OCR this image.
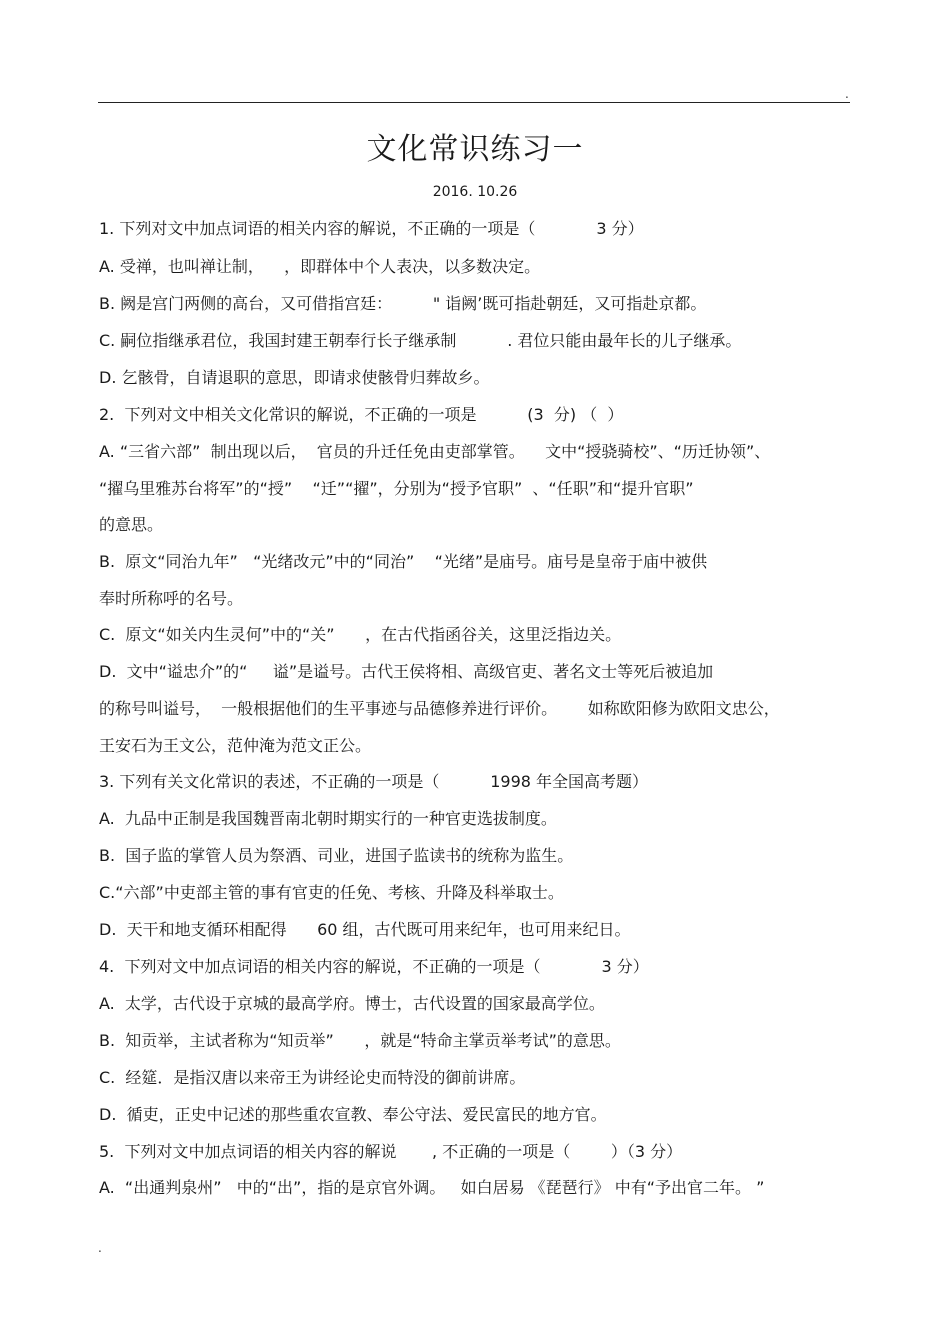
.
文化常识练习一
2016. 10.26
1. 下列对文中加点词语的相关内容的解说，不正确的一项是（            3 分）
A. 受禅，也叫禅让制，    ，即群体中个人表决，以多数决定。
B. 阙是宫门两侧的高台，又可借指宫廷：        " 诣阙’既可指赴朝廷，又可指赴京都。
C. 嗣位指继承君位，我国封建王朝奉行长子继承制          . 君位只能由最年长的儿子继承。
D. 乞骸骨，自请退职的意思，即请求使骸骨归葬故乡。
2.  下列对文中相关文化常识的解说，不正确的一项是          (3  分) （  ）
A. “三省六部”  制出现以后，  官员的升迁任免由吏部掌管。    文中“授骁骑校”、“历迁协领”、
“擢乌里雅苏台将军”的“授”    “迁”“擢”，分别为“授予官职”  、“任职”和“提升官职”
的意思。
B.  原文“同治九年”   “光绪改元”中的“同治”    “光绪”是庙号。庙号是皇帝于庙中被供
奉时所称呼的名号。
C.  原文“如关内生灵何”中的“关”      ，在古代指函谷关，这里泛指边关。
D.  文中“谥忠介”的“     谥”是谥号。古代王侯将相、高级官吏、著名文士等死后被追加
的称号叫谥号，  一般根据他们的生平事迹与品德修养进行评价。      如称欧阳修为欧阳文忠公，
王安石为王文公，范仲淹为范文正公。
3. 下列有关文化常识的表述，不正确的一项是（          1998 年全国高考题）
A.  九品中正制是我国魏晋南北朝时期实行的一种官吏选拔制度。
B.  国子监的掌管人员为祭酒、司业，进国子监读书的统称为监生。
C.“六部”中吏部主管的事有官吏的任免、考核、升降及科举取士。
D.  天干和地支循环相配得      60 组，古代既可用来纪年，也可用来纪日。
4.  下列对文中加点词语的相关内容的解说，不正确的一项是（            3 分）
A.  太学，古代设于京城的最高学府。博士，古代设置的国家最高学位。
B.  知贡举，主试者称为“知贡举”      ，就是“特命主掌贡举考试”的意思。
C.  经筵．是指汉唐以来帝王为讲经论史而特没的御前讲席。
D.  循吏，正史中记述的那些重农宣教、奉公守法、爱民富民的地方官。
5.  下列对文中加点词语的相关内容的解说       , 不正确的一项是（        ）（3 分）
A.  “出通判泉州”   中的“出”，指的是京官外调。   如白居易 《琵琶行》 中有“予出官二年。 ”
.
